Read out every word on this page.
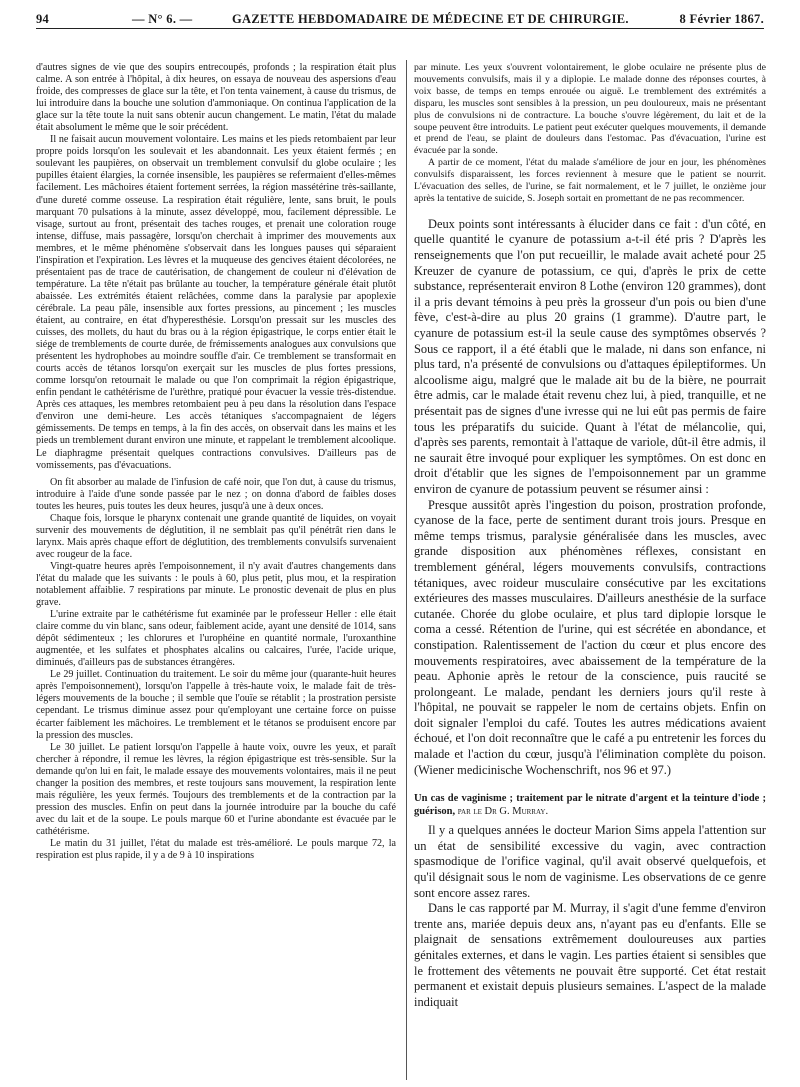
94	— N° 6. —	GAZETTE HEBDOMADAIRE DE MÉDECINE ET DE CHIRURGIE.	8 Février 1867.

d'autres signes de vie que des soupirs entrecoupés, profonds ; la respiration était plus calme. A son entrée à l'hôpital, à dix heures, on essaya de nouveau des aspersions d'eau froide, des compresses de glace sur la tête, et l'on tenta vainement, à cause du trismus, de lui introduire dans la bouche une solution d'ammoniaque. On continua l'application de la glace sur la tête toute la nuit sans obtenir aucun changement. Le matin, l'état du malade était absolument le même que le soir précédent.

Il ne faisait aucun mouvement volontaire. Les mains et les pieds retombaient par leur propre poids lorsqu'on les soulevait et les abandonnait. Les yeux étaient fermés ; en soulevant les paupières, on observait un tremblement convulsif du globe oculaire ; les pupilles étaient élargies, la cornée insensible, les paupières se refermaient d'elles-mêmes facilement. Les mâchoires étaient fortement serrées, la région massétérine très-saillante, d'une dureté comme osseuse. La respiration était régulière, lente, sans bruit, le pouls marquant 70 pulsations à la minute, assez développé, mou, facilement dépressible. Le visage, surtout au front, présentait des taches rouges, et prenait une coloration rouge intense, diffuse, mais passagère, lorsqu'on cherchait à imprimer des mouvements aux membres, et le même phénomène s'observait dans les longues pauses qui séparaient l'inspiration et l'expiration. Les lèvres et la muqueuse des gencives étaient décolorées, ne présentaient pas de trace de cautérisation, de changement de couleur ni d'élévation de température. La tête n'était pas brûlante au toucher, la température générale était plutôt abaissée. Les extrémités étaient relâchées, comme dans la paralysie par apoplexie cérébrale. La peau pâle, insensible aux fortes pressions, au pincement ; les muscles étaient, au contraire, en état d'hyperesthésie. Lorsqu'on pressait sur les muscles des cuisses, des mollets, du haut du bras ou à la région épigastrique, le corps entier était le siége de tremblements de courte durée, de frémissements analogues aux convulsions que présentent les hydrophobes au moindre souffle d'air. Ce tremblement se transformait en courts accès de tétanos lorsqu'on exerçait sur les muscles de plus fortes pressions, comme lorsqu'on retournait le malade ou que l'on comprimait la région épigastrique, enfin pendant le cathétérisme de l'urèthre, pratiqué pour évacuer la vessie très-distendue. Après ces attaques, les membres retombaient peu à peu dans la résolution dans l'espace d'environ une demi-heure. Les accès tétaniques s'accompagnaient de légers gémissements. De temps en temps, à la fin des accès, on observait dans les mains et les pieds un tremblement durant environ une minute, et rappelant le tremblement alcoolique. Le diaphragme présentait quelques contractions convulsives. D'ailleurs pas de vomissements, pas d'évacuations.

On fit absorber au malade de l'infusion de café noir, que l'on dut, à cause du trismus, introduire à l'aide d'une sonde passée par le nez ; on donna d'abord de faibles doses toutes les heures, puis toutes les deux heures, jusqu'à une à deux onces.

Chaque fois, lorsque le pharynx contenait une grande quantité de liquides, on voyait survenir des mouvements de déglutition, il ne semblait pas qu'il pénétrât rien dans le larynx. Mais après chaque effort de déglutition, des tremblements convulsifs survenaient avec rougeur de la face.

Vingt-quatre heures après l'empoisonnement, il n'y avait d'autres changements dans l'état du malade que les suivants : le pouls à 60, plus petit, plus mou, et la respiration notablement affaiblie. 7 respirations par minute. Le pronostic devenait de plus en plus grave.

L'urine extraite par le cathétérisme fut examinée par le professeur Heller : elle était claire comme du vin blanc, sans odeur, faiblement acide, ayant une densité de 1014, sans dépôt sédimenteux ; les chlorures et l'urophéine en quantité normale, l'uroxanthine augmentée, et les sulfates et phosphates alcalins ou calcaires, l'urée, l'acide urique, diminués, d'ailleurs pas de substances étrangères.

Le 29 juillet. Continuation du traitement. Le soir du même jour (quarante-huit heures après l'empoisonnement), lorsqu'on l'appelle à très-haute voix, le malade fait de très-légers mouvements de la bouche ; il semble que l'ouïe se rétablit ; la prostration persiste cependant. Le trismus diminue assez pour qu'employant une certaine force on puisse écarter faiblement les mâchoires. Le tremblement et le tétanos se produisent encore par la pression des muscles.

Le 30 juillet. Le patient lorsqu'on l'appelle à haute voix, ouvre les yeux, et paraît chercher à répondre, il remue les lèvres, la région épigastrique est très-sensible. Sur la demande qu'on lui en fait, le malade essaye des mouvements volontaires, mais il ne peut changer la position des membres, et reste toujours sans mouvement, la respiration lente mais régulière, les yeux fermés. Toujours des tremblements et de la contraction par la pression des muscles. Enfin on peut dans la journée introduire par la bouche du café avec du lait et de la soupe. Le pouls marque 60 et l'urine abondante est évacuée par le cathétérisme.

Le matin du 31 juillet, l'état du malade est très-amélioré. Le pouls marque 72, la respiration est plus rapide, il y a de 9 à 10 inspirations

par minute. Les yeux s'ouvrent volontairement, le globe oculaire ne présente plus de mouvements convulsifs, mais il y a diplopie. Le malade donne des réponses courtes, à voix basse, de temps en temps enrouée ou aiguë. Le tremblement des extrémités a disparu, les muscles sont sensibles à la pression, un peu douloureux, mais ne présentant plus de convulsions ni de contracture. La bouche s'ouvre légèrement, du lait et de la soupe peuvent être introduits. Le patient peut exécuter quelques mouvements, il demande et prend de l'eau, se plaint de douleurs dans l'estomac. Pas d'évacuation, l'urine est évacuée par la sonde.

A partir de ce moment, l'état du malade s'améliore de jour en jour, les phénomènes convulsifs disparaissent, les forces reviennent à mesure que le patient se nourrit. L'évacuation des selles, de l'urine, se fait normalement, et le 7 juillet, le onzième jour après la tentative de suicide, S. Joseph sortait en promettant de ne pas recommencer.

Deux points sont intéressants à élucider dans ce fait : d'un côté, en quelle quantité le cyanure de potassium a-t-il été pris ? D'après les renseignements que l'on put recueillir, le malade avait acheté pour 25 Kreuzer de cyanure de potassium, ce qui, d'après le prix de cette substance, représenterait environ 8 Lothe (environ 120 grammes), dont il a pris devant témoins à peu près la grosseur d'un pois ou bien d'une fève, c'est-à-dire au plus 20 grains (1 gramme). D'autre part, le cyanure de potassium est-il la seule cause des symptômes observés ? Sous ce rapport, il a été établi que le malade, ni dans son enfance, ni plus tard, n'a présenté de convulsions ou d'attaques épileptiformes. Un alcoolisme aigu, malgré que le malade ait bu de la bière, ne pourrait être admis, car le malade était revenu chez lui, à pied, tranquille, et ne présentait pas de signes d'une ivresse qui ne lui eût pas permis de faire tous les préparatifs du suicide. Quant à l'état de mélancolie, qui, d'après ses parents, remontait à l'attaque de variole, dût-il être admis, il ne saurait être invoqué pour expliquer les symptômes. On est donc en droit d'établir que les signes de l'empoisonnement par un gramme environ de cyanure de potassium peuvent se résumer ainsi :

Presque aussitôt après l'ingestion du poison, prostration profonde, cyanose de la face, perte de sentiment durant trois jours. Presque en même temps trismus, paralysie généralisée dans les muscles, avec grande disposition aux phénomènes réflexes, consistant en tremblement général, légers mouvements convulsifs, contractions tétaniques, avec roideur musculaire consécutive par les excitations extérieures des masses musculaires. D'ailleurs anesthésie de la surface cutanée. Chorée du globe oculaire, et plus tard diplopie lorsque le coma a cessé. Rétention de l'urine, qui est sécrétée en abondance, et constipation. Ralentissement de l'action du cœur et plus encore des mouvements respiratoires, avec abaissement de la température de la peau. Aphonie après le retour de la conscience, puis raucité se prolongeant. Le malade, pendant les derniers jours qu'il reste à l'hôpital, ne pouvait se rappeler le nom de certains objets. Enfin on doit signaler l'emploi du café. Toutes les autres médications avaient échoué, et l'on doit reconnaître que le café a pu entretenir les forces du malade et l'action du cœur, jusqu'à l'élimination complète du poison. (Wiener medicinische Wochenschrift, nos 96 et 97.)

Un cas de vaginisme ; traitement par le nitrate d'argent et la teinture d'iode ; guérison, par le Dr G. Murray.

Il y a quelques années le docteur Marion Sims appela l'attention sur un état de sensibilité excessive du vagin, avec contraction spasmodique de l'orifice vaginal, qu'il avait observé quelquefois, et qu'il désignait sous le nom de vaginisme. Les observations de ce genre sont encore assez rares.

Dans le cas rapporté par M. Murray, il s'agit d'une femme d'environ trente ans, mariée depuis deux ans, n'ayant pas eu d'enfants. Elle se plaignait de sensations extrêmement douloureuses aux parties génitales externes, et dans le vagin. Les parties étaient si sensibles que le frottement des vêtements ne pouvait être supporté. Cet état restait permanent et existait depuis plusieurs semaines. L'aspect de la malade indiquait
